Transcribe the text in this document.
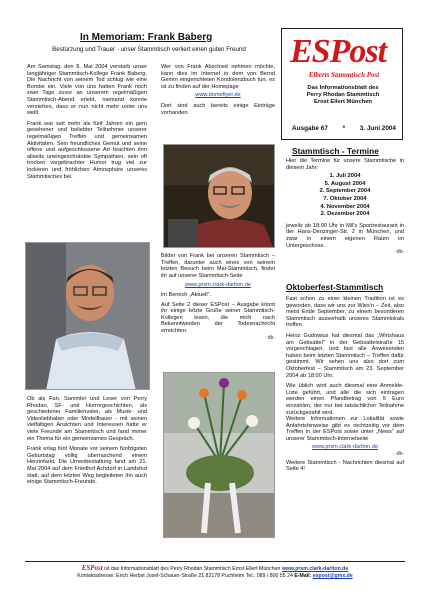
In Memoriam: Frank Baberg
Bestürzung und Trauer - unser Stammtisch verliert einen guten Freund	ESPost
Elberts Stammtisch Post
Das Informationsblatt des
Perry Rhodan Stammtisch
Ernst Ellert München
Ausgabe 67 * 3. Juni 2004

Am Samstag, den 8. Mai 2004 verstarb unser langjähriger Stammtisch-Kollege Frank Baberg. Die Nachricht von seinem Tod schlug wie eine Bombe ein. Viele von uns hatten Frank noch zwei Tage zuvor an unserem regelmäßigen Stammtisch-Abend erlebt, niemand konnte verstehen, dass er nun nicht mehr unter uns weilt.

Frank war seit mehr als fünf Jahren ein gern gesehener und beliebter Teilnehmer unserer regelmäßigen Treffen und gemeinsamen Aktivitäten. Sein freundliches Gemüt und seine offene und aufgeschlossene Art brachten ihm allseits uneingeschränkte Sympathien, sein oft trocken vorgebrachter Humor trug viel zur lockeren und fröhlichen Atmosphäre unseres Stammtisches bei.

Ob als Fan, Sammler und Leser von Perry Rhodan, SF- und Horrorgeschichten, als geschiedener Familienvater, als Musik- und Videoliebhaber oder Modellbauer - mit seinen vielfältigen Ansichten und Interessen hatte er viele Freunde am Stammtisch und fand immer ein Thema für ein gemeinsames Gespräch.

Frank erlag fünf Monate vor seinem fünfzigsten Geburtstag völlig überraschend einem Herzinfarkt. Die Urnenbestattung fand am 21. Mai 2004 auf dem Friedhof Achdorf in Landshut statt, auf dem letzten Weg begleiteten ihn auch einige Stammtisch-Freunde.

Wer von Frank Abschied nehmen möchte, kann dies im Internet in dem von Bernd Gemm eingerichteten Kondolenzbuch tun, es ist zu finden auf der Homepage

www.domeflyer.de

Dort sind auch bereits einige Einträge vorhanden.

Bilder von Frank bei unseren Stammtisch – Treffen, darunter auch eines von seinem letzten Besuch beim Mai-Stammtisch, findet ihr auf unserer Stammtisch-Seite

www.prsm.clark-darlton.de

im Bereich „Aktuell“.

Auf Seite 2 dieser ESPost – Ausgabe könnt ihr einige letzte Grüße seiner Stammtisch-Kollegen lesen, die mich nach Bekanntwerden der Todesnachricht erreichten.

-db-
Stammtisch - Termine

Hier die Termine für unsere Stammtische in diesem Jahr:

1. Juli 2004
5. August 2004
2. September 2004
7. Oktober 2004
4. November 2004
2. Dezember 2004

jeweils ab 18:00 Uhr in Mil's Sportrestaurant in der Hans-Denzinger-Str. 2 in München, und zwar in einem eigenen Raum im Untergeschoss.

-db-
Oktoberfest-Stammtisch

Fast schon zu einer kleinen Tradition ist es geworden, dass wir uns zur Wies'n – Zeit, also meist Ende September, zu einem besonderen Stammtisch ausserhalb unseres Stammlokals treffen.

Heinz Gudowius hat diesmal das „Wirtshaus am Gebsattel“ in der Gebsattelstraße 15 vorgeschlagen, und fast alle Anwesenden haben beim letzten Stammtisch – Treffen dafür gestimmt. Wir sehen uns also dort zum Oktoberfest – Stammtisch am 23. September 2004 ab 18:00 Uhr.

Wie üblich wird auch diesmal eine Anmelde-Liste geführt, und alle die sich eintragen werden einen Pfandbetrag von 5 Euro einzahlen, der nur bei tatsächlicher Teilnahme zurückgezahlt wird.

Weitere Informationen zur Lokalität sowie Anfahrtshinweise gibt es rechtzeitig vor dem Treffen in der ESPost sowie unter „News“ auf unserer Stammtisch-Internetseite

www.prsm.clark-darlton.de
-db-

Weitere Stammtisch - Nachrichten diesmal auf Seite 4!

ESPost ist das Informationsblatt des Perry Rhodan Stammtisch Ernst Ellert München www.prsm.clark-darlton.de
Kontaktadresse: Erich Herbst Josef-Schauer-Straße 21 82178 Puchheim Tel.: 089 / 800 55 24 E-Mail: espost@gmx.de
